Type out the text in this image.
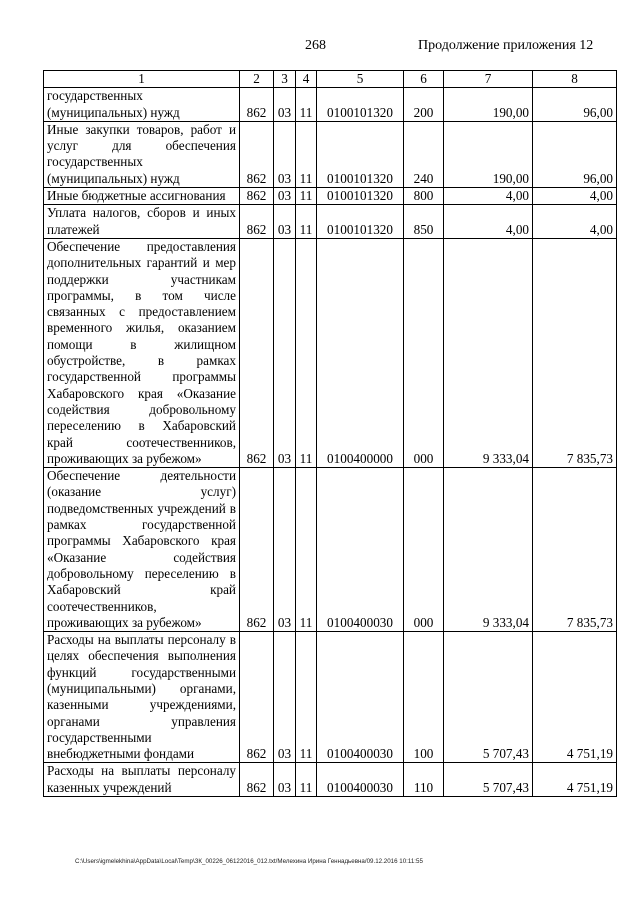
268	Продолжение приложения 12
1	2	3	4	5	6	7	8
государственных (муниципальных) нужд	862	03	11	0100101320	200	190,00	96,00
Иные закупки товаров, работ и услуг для обеспечения государственных (муниципальных) нужд	862	03	11	0100101320	240	190,00	96,00
Иные бюджетные ассигнования	862	03	11	0100101320	800	4,00	4,00
Уплата налогов, сборов и иных платежей	862	03	11	0100101320	850	4,00	4,00
Обеспечение предоставления дополнительных гарантий и мер поддержки участникам программы, в том числе связанных с предоставлением временного жилья, оказанием помощи в жилищном обустройстве, в рамках государственной программы Хабаровского края «Оказание содействия добровольному переселению в Хабаровский край соотечественников, проживающих за рубежом»	862	03	11	0100400000	000	9 333,04	7 835,73
Обеспечение деятельности (оказание услуг) подведомственных учреждений в рамках государственной программы Хабаровского края «Оказание содействия добровольному переселению в Хабаровский край соотечественников, проживающих за рубежом»	862	03	11	0100400030	000	9 333,04	7 835,73
Расходы на выплаты персоналу в целях обеспечения выполнения функций государственными (муниципальными) органами, казенными учреждениями, органами управления государственными внебюджетными фондами	862	03	11	0100400030	100	5 707,43	4 751,19
Расходы на выплаты персоналу казенных учреждений	862	03	11	0100400030	110	5 707,43	4 751,19
C:\Users\igmelekhina\AppData\Local\Temp\ЗК_00226_06122016_012.txt/Мелехина Ирина Геннадьевна/09.12.2016 10:11:55
